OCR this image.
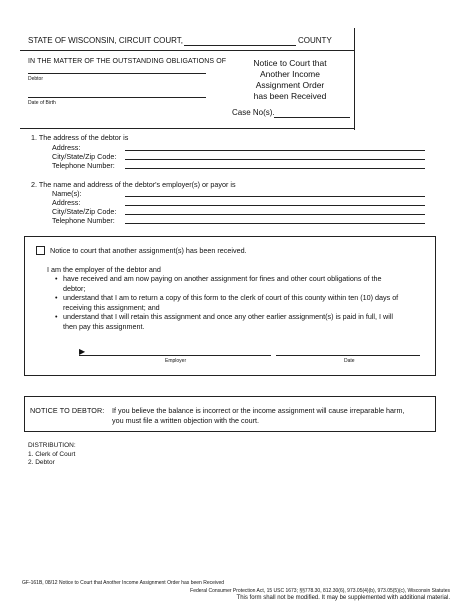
STATE OF WISCONSIN, CIRCUIT COURT,	COUNTY
IN THE MATTER OF THE OUTSTANDING OBLIGATIONS OF
Debtor
Date of Birth
Notice to Court that
Another Income
Assignment Order
has been Received
Case No(s).
1. The address of the debtor is
Address:
City/State/Zip Code:
Telephone Number:
2. The name and address of the debtor's employer(s) or payor is
Name(s):
Address:
City/State/Zip Code:
Telephone Number:
Notice to court that another assignment(s) has been received.
I am the employer of the debtor and
• have received and am now paying on another assignment for fines and other court obligations of the
debtor;
• understand that I am to return a copy of this form to the clerk of court of this county within ten (10) days of
receiving this assignment; and
• understand that I will retain this assignment and once any other earlier assignment(s) is paid in full, I will
then pay this assignment.
▶
Employer	Date
NOTICE TO DEBTOR: If you believe the balance is incorrect or the income assignment will cause irreparable harm,
you must file a written objection with the court.
DISTRIBUTION:
1. Clerk of Court
2. Debtor
GF-161B, 08/12 Notice to Court that Another Income Assignment Order has been Received
Federal Consumer Protection Act, 15 USC 1673; §§778.30, 812.30(6), 973.05(4)(b), 973.05(5)(c), Wisconsin Statutes
This form shall not be modified. It may be supplemented with additional material.
